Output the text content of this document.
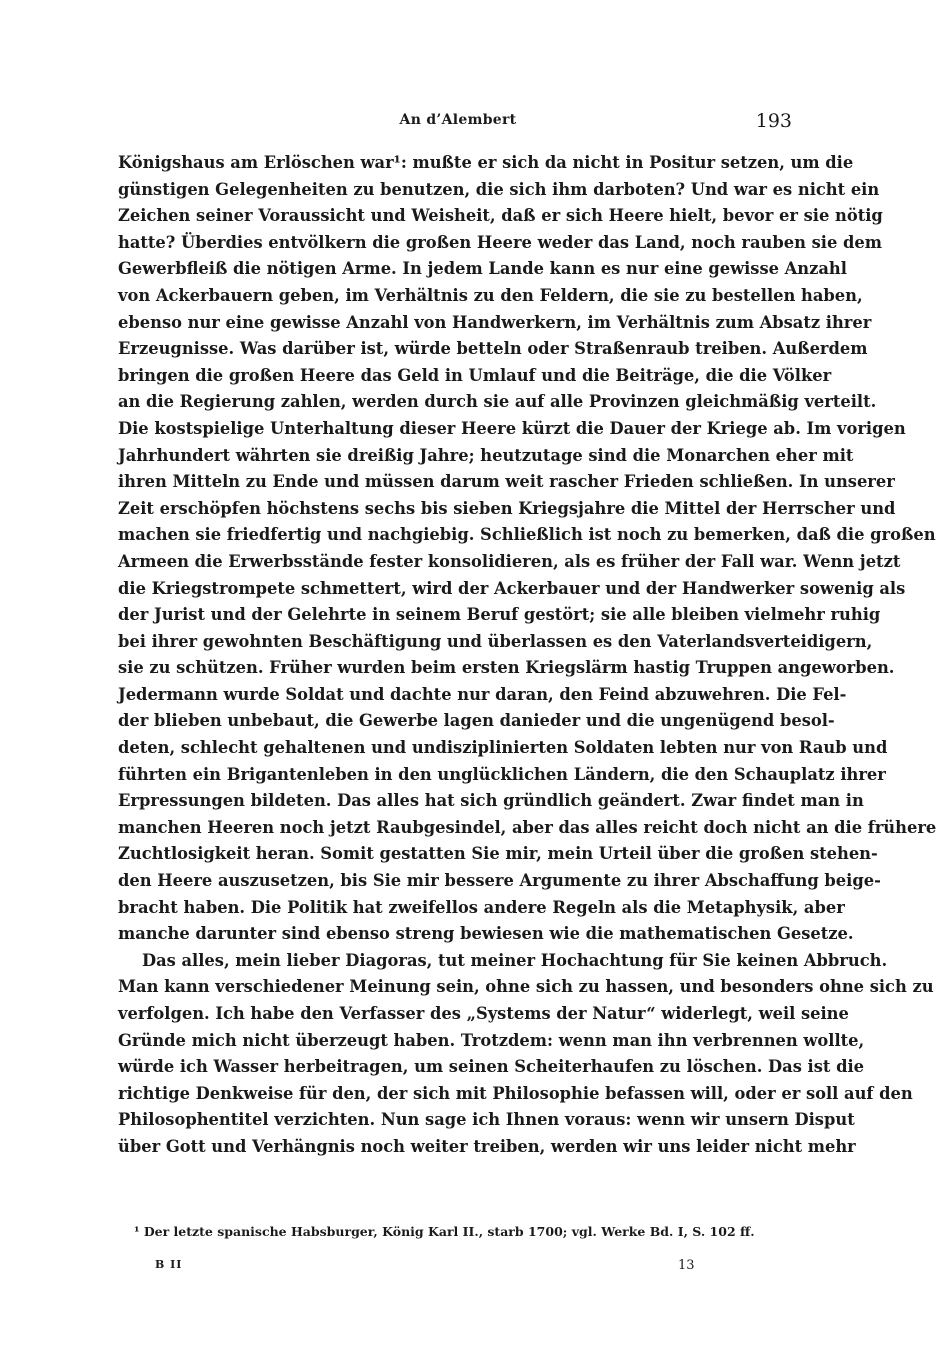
An d’Alembert	193
Königshaus am Erlöschen war¹: mußte er sich da nicht in Positur setzen, um die
günstigen Gelegenheiten zu benutzen, die sich ihm darboten? Und war es nicht ein
Zeichen seiner Voraussicht und Weisheit, daß er sich Heere hielt, bevor er sie nötig
hatte? Überdies entvölkern die großen Heere weder das Land, noch rauben sie dem
Gewerbfleiß die nötigen Arme. In jedem Lande kann es nur eine gewisse Anzahl
von Ackerbauern geben, im Verhältnis zu den Feldern, die sie zu bestellen haben,
ebenso nur eine gewisse Anzahl von Handwerkern, im Verhältnis zum Absatz ihrer
Erzeugnisse. Was darüber ist, würde betteln oder Straßenraub treiben. Außerdem
bringen die großen Heere das Geld in Umlauf und die Beiträge, die die Völker
an die Regierung zahlen, werden durch sie auf alle Provinzen gleichmäßig verteilt.
Die kostspielige Unterhaltung dieser Heere kürzt die Dauer der Kriege ab. Im vorigen
Jahrhundert währten sie dreißig Jahre; heutzutage sind die Monarchen eher mit
ihren Mitteln zu Ende und müssen darum weit rascher Frieden schließen. In unserer
Zeit erschöpfen höchstens sechs bis sieben Kriegsjahre die Mittel der Herrscher und
machen sie friedfertig und nachgiebig. Schließlich ist noch zu bemerken, daß die großen
Armeen die Erwerbsstände fester konsolidieren, als es früher der Fall war. Wenn jetzt
die Kriegstrompete schmettert, wird der Ackerbauer und der Handwerker sowenig als
der Jurist und der Gelehrte in seinem Beruf gestört; sie alle bleiben vielmehr ruhig
bei ihrer gewohnten Beschäftigung und überlassen es den Vaterlandsverteidigern,
sie zu schützen. Früher wurden beim ersten Kriegslärm hastig Truppen angeworben.
Jedermann wurde Soldat und dachte nur daran, den Feind abzuwehren. Die Fel-
der blieben unbebaut, die Gewerbe lagen danieder und die ungenügend besol-
deten, schlecht gehaltenen und undisziplinierten Soldaten lebten nur von Raub und
führten ein Brigantenleben in den unglücklichen Ländern, die den Schauplatz ihrer
Erpressungen bildeten. Das alles hat sich gründlich geändert. Zwar findet man in
manchen Heeren noch jetzt Raubgesindel, aber das alles reicht doch nicht an die frühere
Zuchtlosigkeit heran. Somit gestatten Sie mir, mein Urteil über die großen stehen-
den Heere auszusetzen, bis Sie mir bessere Argumente zu ihrer Abschaffung beige-
bracht haben. Die Politik hat zweifellos andere Regeln als die Metaphysik, aber
manche darunter sind ebenso streng bewiesen wie die mathematischen Gesetze.
Das alles, mein lieber Diagoras, tut meiner Hochachtung für Sie keinen Abbruch.
Man kann verschiedener Meinung sein, ohne sich zu hassen, und besonders ohne sich zu
verfolgen. Ich habe den Verfasser des „Systems der Natur“ widerlegt, weil seine
Gründe mich nicht überzeugt haben. Trotzdem: wenn man ihn verbrennen wollte,
würde ich Wasser herbeitragen, um seinen Scheiterhaufen zu löschen. Das ist die
richtige Denkweise für den, der sich mit Philosophie befassen will, oder er soll auf den
Philosophentitel verzichten. Nun sage ich Ihnen voraus: wenn wir unsern Disput
über Gott und Verhängnis noch weiter treiben, werden wir uns leider nicht mehr
¹ Der letzte spanische Habsburger, König Karl II., starb 1700; vgl. Werke Bd. I, S. 102 ff.
B II	13
